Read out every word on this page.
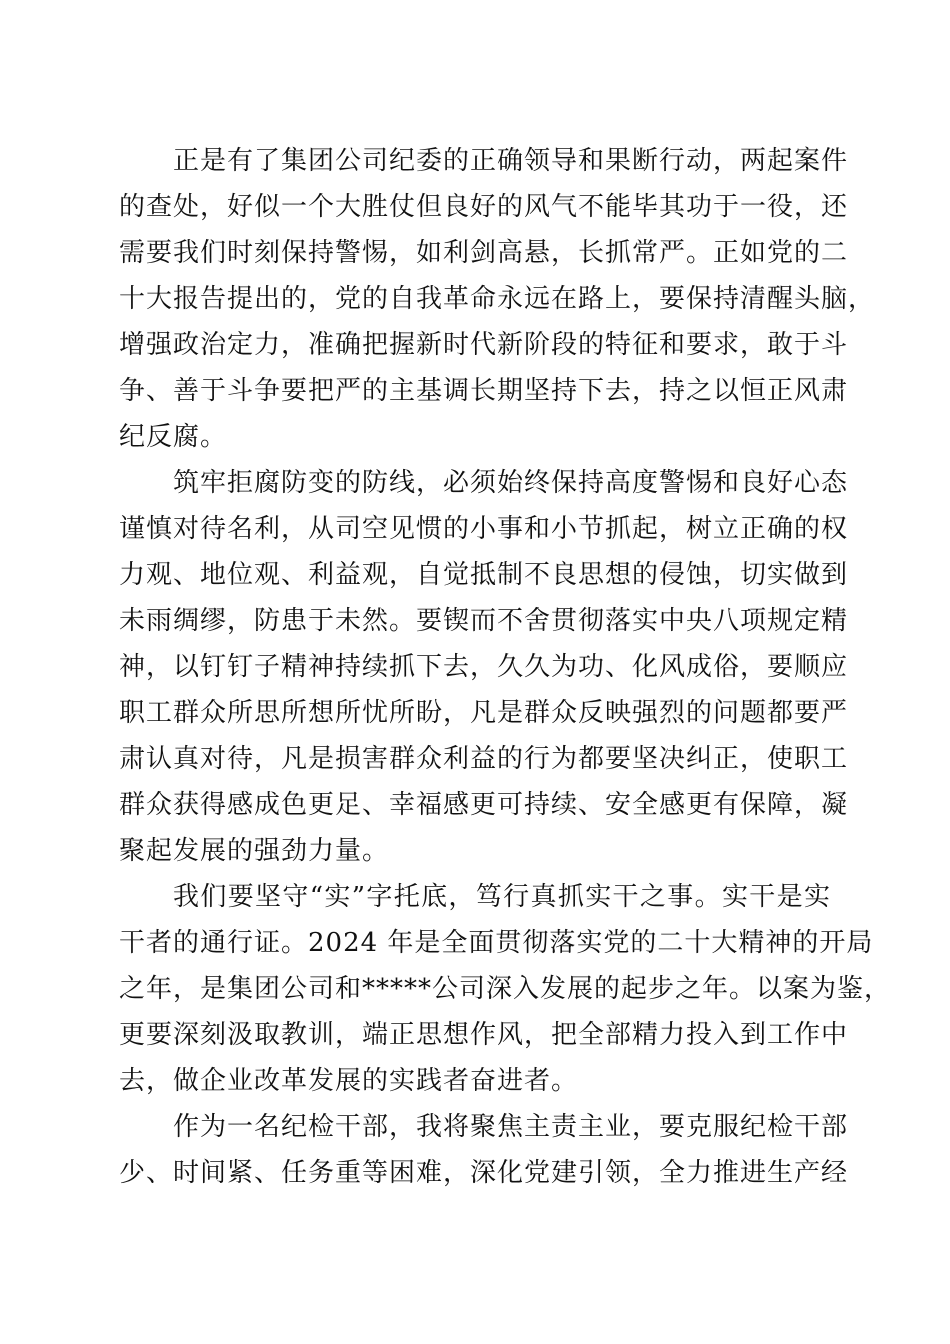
正是有了集团公司纪委的正确领导和果断行动，两起案件
的查处，好似一个大胜仗但良好的风气不能毕其功于一役，还
需要我们时刻保持警惕，如利剑高悬，长抓常严。正如党的二
十大报告提出的，党的自我革命永远在路上，要保持清醒头脑，
增强政治定力，准确把握新时代新阶段的特征和要求，敢于斗
争、善于斗争要把严的主基调长期坚持下去，持之以恒正风肃
纪反腐。
筑牢拒腐防变的防线，必须始终保持高度警惕和良好心态
谨慎对待名利，从司空见惯的小事和小节抓起，树立正确的权
力观、地位观、利益观，自觉抵制不良思想的侵蚀，切实做到
未雨绸缪，防患于未然。要锲而不舍贯彻落实中央八项规定精
神，以钉钉子精神持续抓下去，久久为功、化风成俗，要顺应
职工群众所思所想所忧所盼，凡是群众反映强烈的问题都要严
肃认真对待，凡是损害群众利益的行为都要坚决纠正，使职工
群众获得感成色更足、幸福感更可持续、安全感更有保障，凝
聚起发展的强劲力量。
我们要坚守“实”字托底，笃行真抓实干之事。实干是实
干者的通行证。2024 年是全面贯彻落实党的二十大精神的开局
之年，是集团公司和*****公司深入发展的起步之年。以案为鉴，
更要深刻汲取教训，端正思想作风，把全部精力投入到工作中
去，做企业改革发展的实践者奋进者。
作为一名纪检干部，我将聚焦主责主业，要克服纪检干部
少、时间紧、任务重等困难，深化党建引领，全力推进生产经
